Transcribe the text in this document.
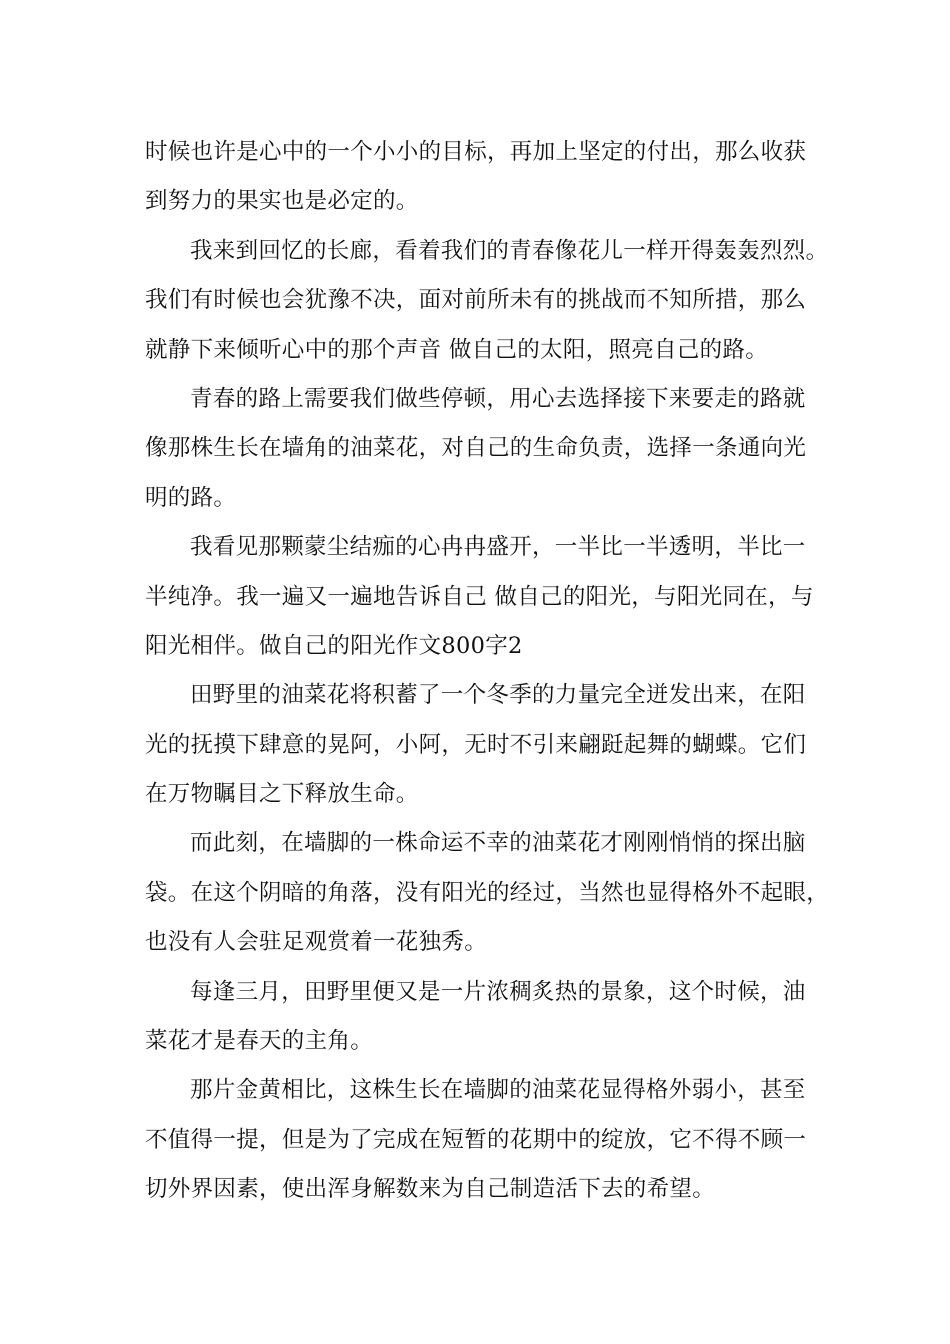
时候也许是心中的一个小小的目标，再加上坚定的付出，那么收获
到努力的果实也是必定的。

我来到回忆的长廊，看着我们的青春像花儿一样开得轰轰烈烈。
我们有时候也会犹豫不决，面对前所未有的挑战而不知所措，那么
就静下来倾听心中的那个声音 做自己的太阳，照亮自己的路。

青春的路上需要我们做些停顿，用心去选择接下来要走的路就
像那株生长在墙角的油菜花，对自己的生命负责，选择一条通向光
明的路。

我看见那颗蒙尘结痂的心冉冉盛开，一半比一半透明，半比一
半纯净。我一遍又一遍地告诉自己 做自己的阳光，与阳光同在，与
阳光相伴。做自己的阳光作文800字2

田野里的油菜花将积蓄了一个冬季的力量完全迸发出来，在阳
光的抚摸下肆意的晃阿，小阿，无时不引来翩跹起舞的蝴蝶。它们
在万物瞩目之下释放生命。

而此刻，在墙脚的一株命运不幸的油菜花才刚刚悄悄的探出脑
袋。在这个阴暗的角落，没有阳光的经过，当然也显得格外不起眼，
也没有人会驻足观赏着一花独秀。

每逢三月，田野里便又是一片浓稠炙热的景象，这个时候，油
菜花才是春天的主角。

那片金黄相比，这株生长在墙脚的油菜花显得格外弱小，甚至
不值得一提，但是为了完成在短暂的花期中的绽放，它不得不顾一
切外界因素，使出浑身解数来为自己制造活下去的希望。
